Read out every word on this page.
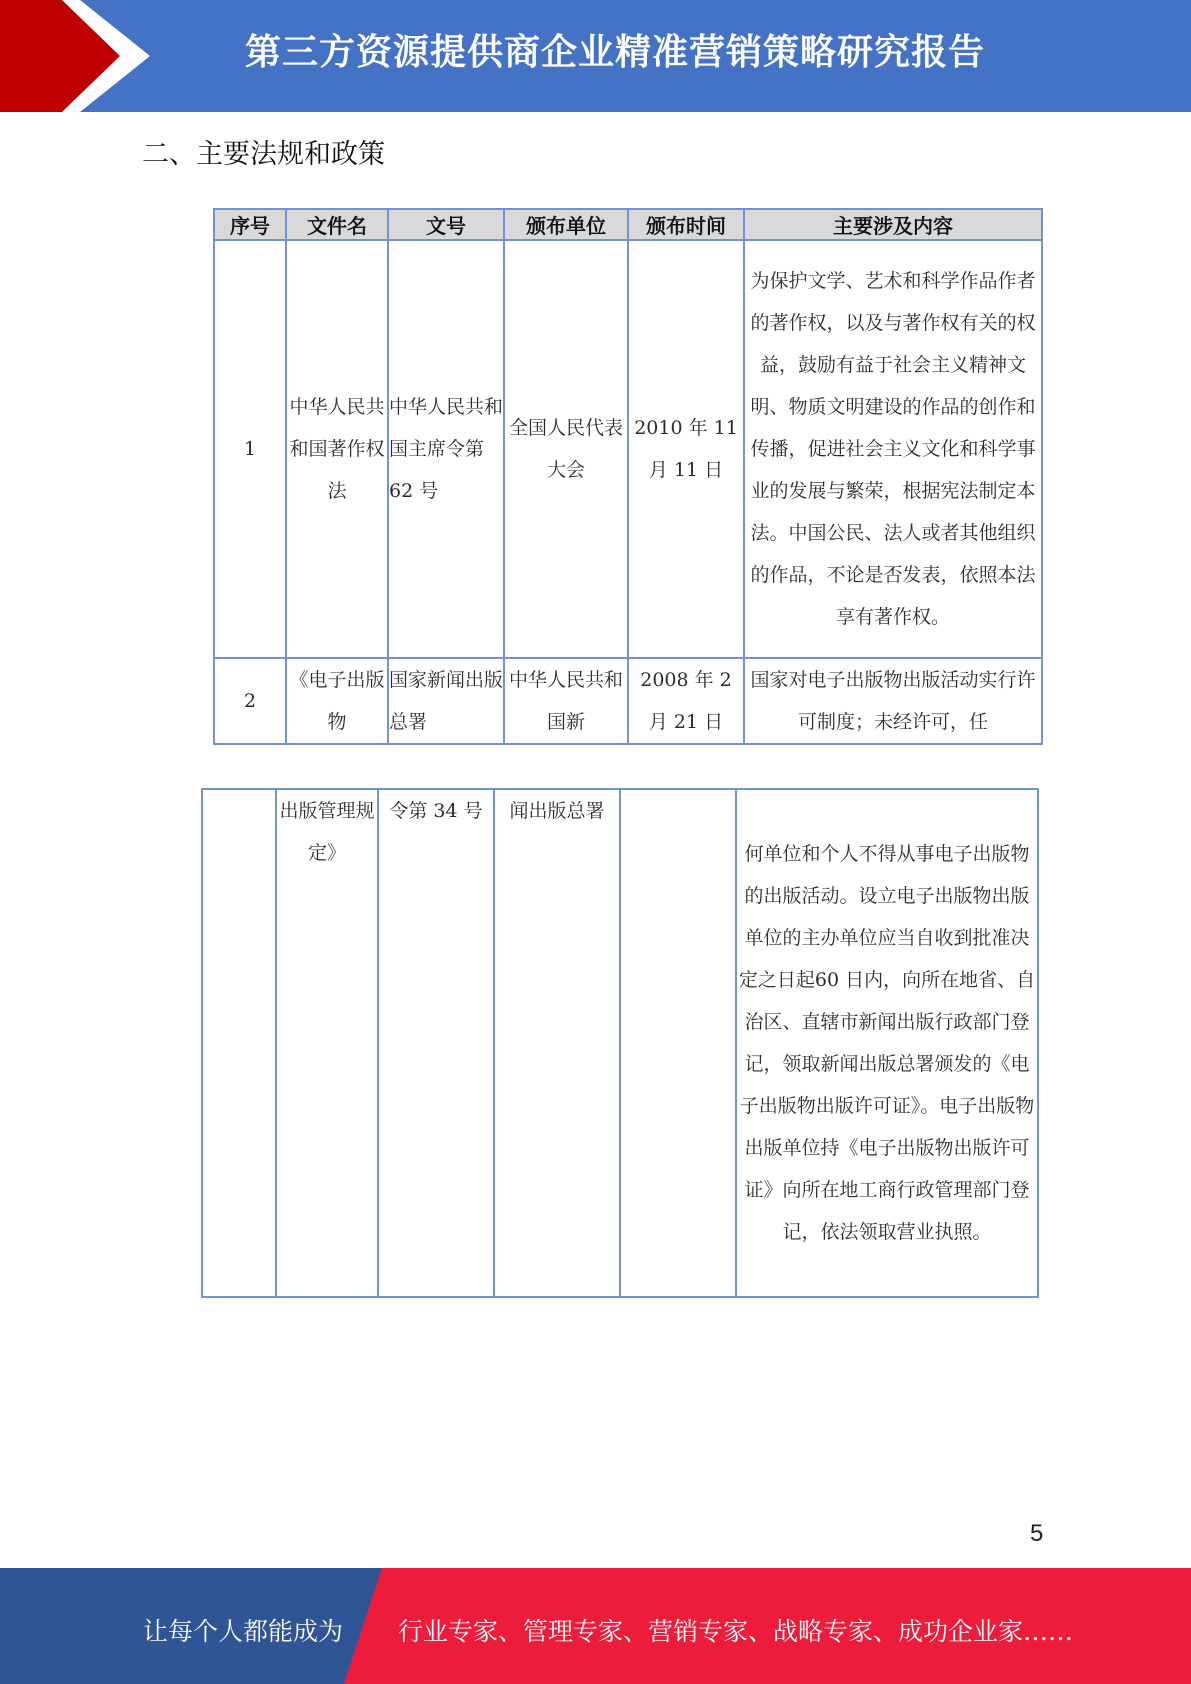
第三方资源提供商企业精准营销策略研究报告
二、主要法规和政策
序号	文件名	文号	颁布单位	颁布时间	主要涉及内容
1	中华人民共和国著作权法	中华人民共和国主席令第 62 号	全国人民代表大会	2010 年 11 月 11 日	为保护文学、艺术和科学作品作者的著作权，以及与著作权有关的权益，鼓励有益于社会主义精神文明、物质文明建设的作品的创作和传播，促进社会主义文化和科学事业的发展与繁荣，根据宪法制定本法。中国公民、法人或者其他组织的作品，不论是否发表，依照本法享有著作权。
2	《电子出版物	国家新闻出版总署	中华人民共和国新	2008 年 2 月 21 日	国家对电子出版物出版活动实行许可制度；未经许可，任
	出版管理规定》	令第 34 号	闻出版总署		何单位和个人不得从事电子出版物的出版活动。设立电子出版物出版单位的主办单位应当自收到批准决定之日起60 日内，向所在地省、自治区、直辖市新闻出版行政部门登记，领取新闻出版总署颁发的《电子出版物出版许可证》。电子出版物出版单位持《电子出版物出版许可证》向所在地工商行政管理部门登记，依法领取营业执照。
5
让每个人都能成为 行业专家、管理专家、营销专家、战略专家、成功企业家……
